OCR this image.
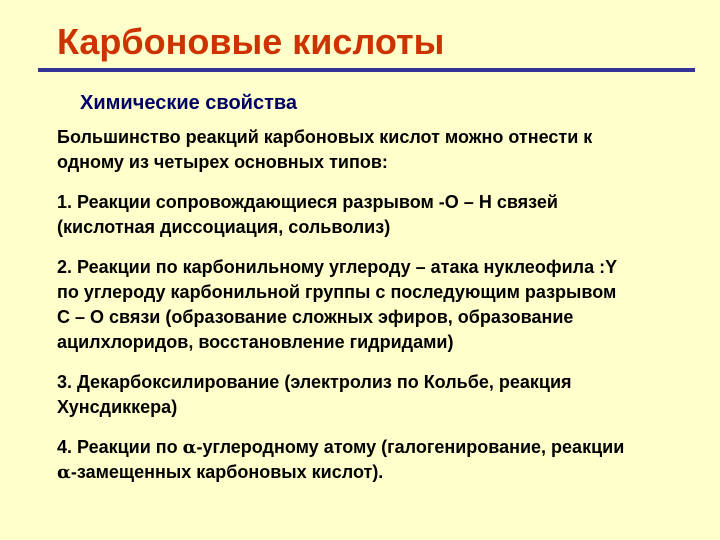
Карбоновые кислоты
Химические свойства

Большинство реакций карбоновых кислот можно отнести к
одному из четырех основных типов:

1. Реакции сопровождающиеся разрывом -O – H связей
(кислотная диссоциация, сольволиз)

2. Реакции по карбонильному углероду – атака нуклеофила :Y
по углероду карбонильной группы с последующим разрывом
С – О связи (образование сложных эфиров, образование
ацилхлоридов, восстановление гидридами)

3. Декарбоксилирование (электролиз по Кольбе, реакция
Хунсдиккера)

4. Реакции по α-углеродному атому (галогенирование, реакции
α-замещенных карбоновых кислот).
